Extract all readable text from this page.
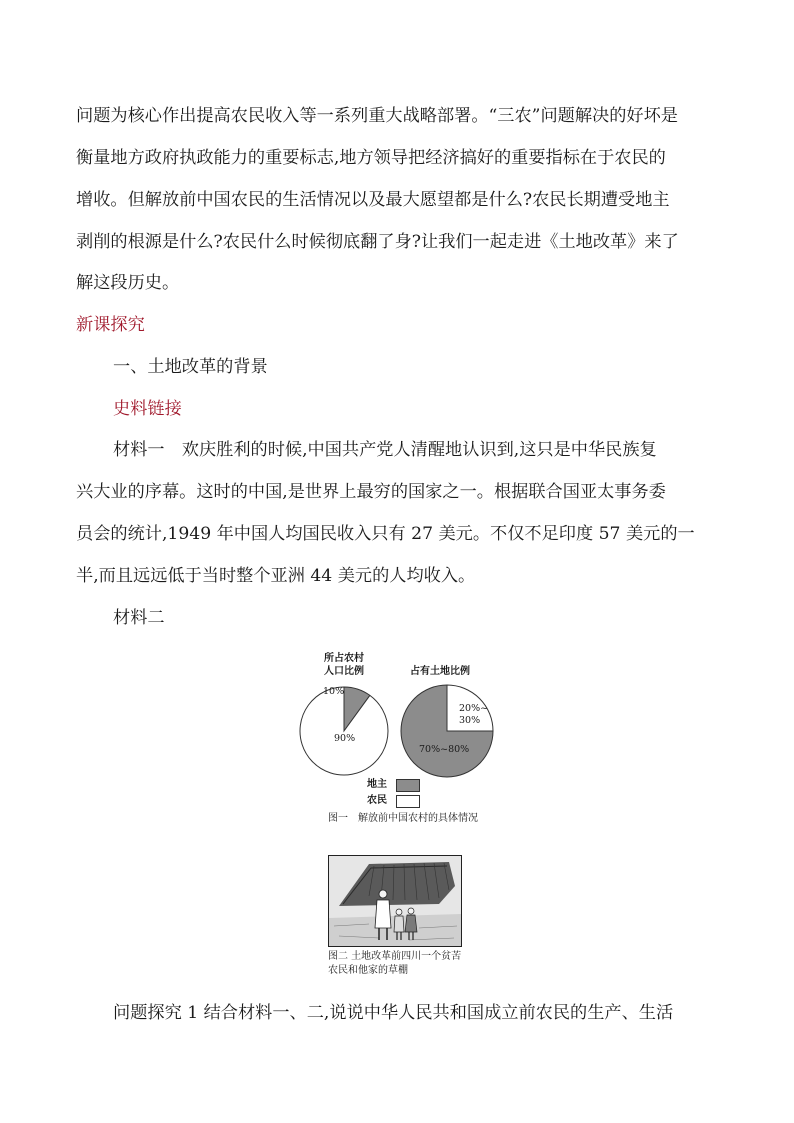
问题为核心作出提高农民收入等一系列重大战略部署。“三农”问题解决的好坏是
衡量地方政府执政能力的重要标志,地方领导把经济搞好的重要指标在于农民的
增收。但解放前中国农民的生活情况以及最大愿望都是什么?农民长期遭受地主
剥削的根源是什么?农民什么时候彻底翻了身?让我们一起走进《土地改革》来了
解这段历史。
新课探究
一、土地改革的背景
史料链接
材料一　欢庆胜利的时候,中国共产党人清醒地认识到,这只是中华民族复
兴大业的序幕。这时的中国,是世界上最穷的国家之一。根据联合国亚太事务委
员会的统计,1949 年中国人均国民收入只有 27 美元。不仅不足印度 57 美元的一
半,而且远远低于当时整个亚洲 44 美元的人均收入。
材料二
所占农村
人口比例	占有土地比例
10%
90%
20%~30%
70%~80%
地主
农民
图一　解放前中国农村的具体情况
图二 土地改革前四川一个贫苦
农民和他家的草棚
问题探究 1 结合材料一、二,说说中华人民共和国成立前农民的生产、生活
